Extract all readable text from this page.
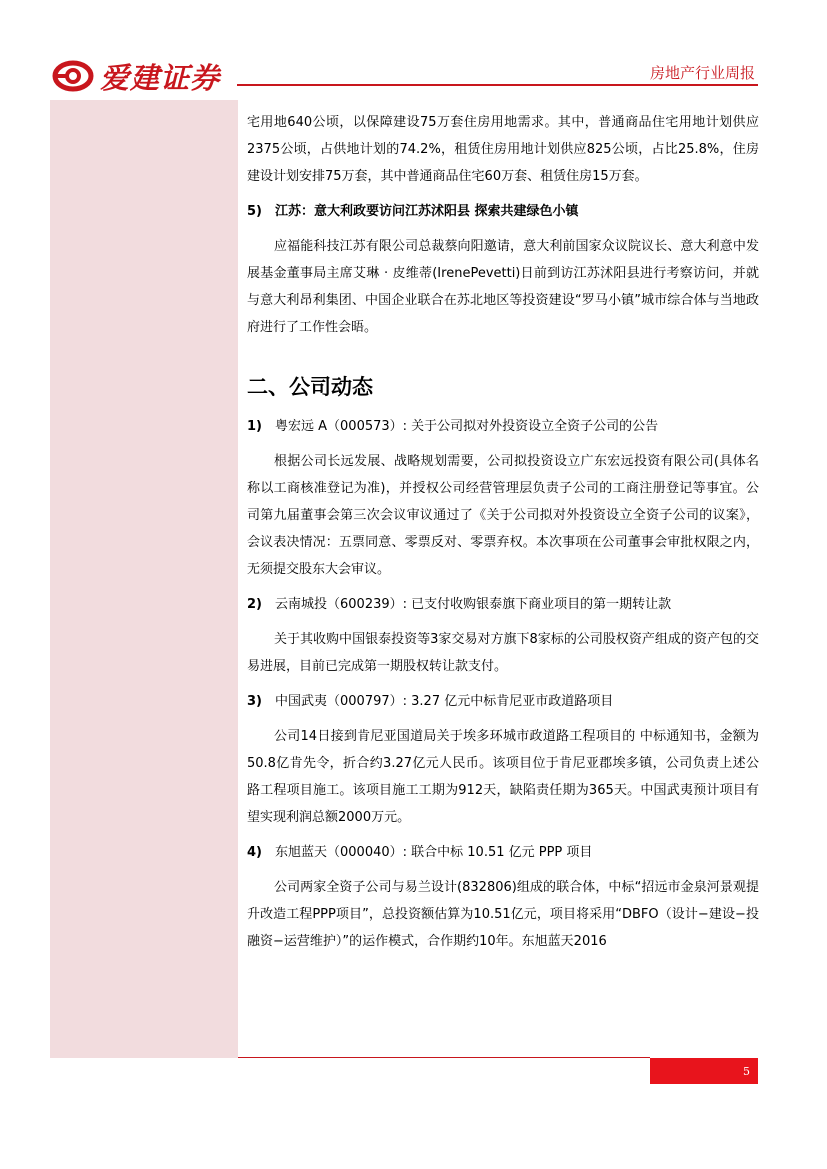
爱建证券	房地产行业周报

宅用地640公顷，以保障建设75万套住房用地需求。其中，普通商品住宅用地计划供应2375公顷，占供地计划的74.2%，租赁住房用地计划供应825公顷，占比25.8%，住房建设计划安排75万套，其中普通商品住宅60万套、租赁住房15万套。

5)	江苏：意大利政要访问江苏沭阳县 探索共建绿色小镇

应福能科技江苏有限公司总裁蔡向阳邀请，意大利前国家众议院议长、意大利意中发展基金董事局主席艾琳 · 皮维蒂(IrenePevetti)日前到访江苏沭阳县进行考察访问，并就与意大利昂利集团、中国企业联合在苏北地区等投资建设“罗马小镇”城市综合体与当地政府进行了工作性会晤。

二、公司动态
1)	粤宏远 A（000573）: 关于公司拟对外投资设立全资子公司的公告

根据公司长远发展、战略规划需要，公司拟投资设立广东宏远投资有限公司(具体名称以工商核准登记为准)，并授权公司经营管理层负责子公司的工商注册登记等事宜。公司第九届董事会第三次会议审议通过了《关于公司拟对外投资设立全资子公司的议案》，会议表决情况：五票同意、零票反对、零票弃权。本次事项在公司董事会审批权限之内，无须提交股东大会审议。

2)	云南城投（600239）: 已支付收购银泰旗下商业项目的第一期转让款

关于其收购中国银泰投资等3家交易对方旗下8家标的公司股权资产组成的资产包的交易进展，目前已完成第一期股权转让款支付。

3)	中国武夷（000797）: 3.27 亿元中标肯尼亚市政道路项目

公司14日接到肯尼亚国道局关于埃多环城市政道路工程项目的 中标通知书，金额为50.8亿肯先令，折合约3.27亿元人民币。该项目位于肯尼亚郡埃多镇，公司负责上述公路工程项目施工。该项目施工工期为912天，缺陷责任期为365天。中国武夷预计项目有望实现利润总额2000万元。

4)	东旭蓝天（000040）: 联合中标 10.51 亿元 PPP 项目

公司两家全资子公司与易兰设计(832806)组成的联合体，中标“招远市金泉河景观提升改造工程PPP项目”，总投资额估算为10.51亿元，项目将采用“DBFO（设计−建设−投融资−运营维护）”的运作模式，合作期约10年。东旭蓝天2016

5
